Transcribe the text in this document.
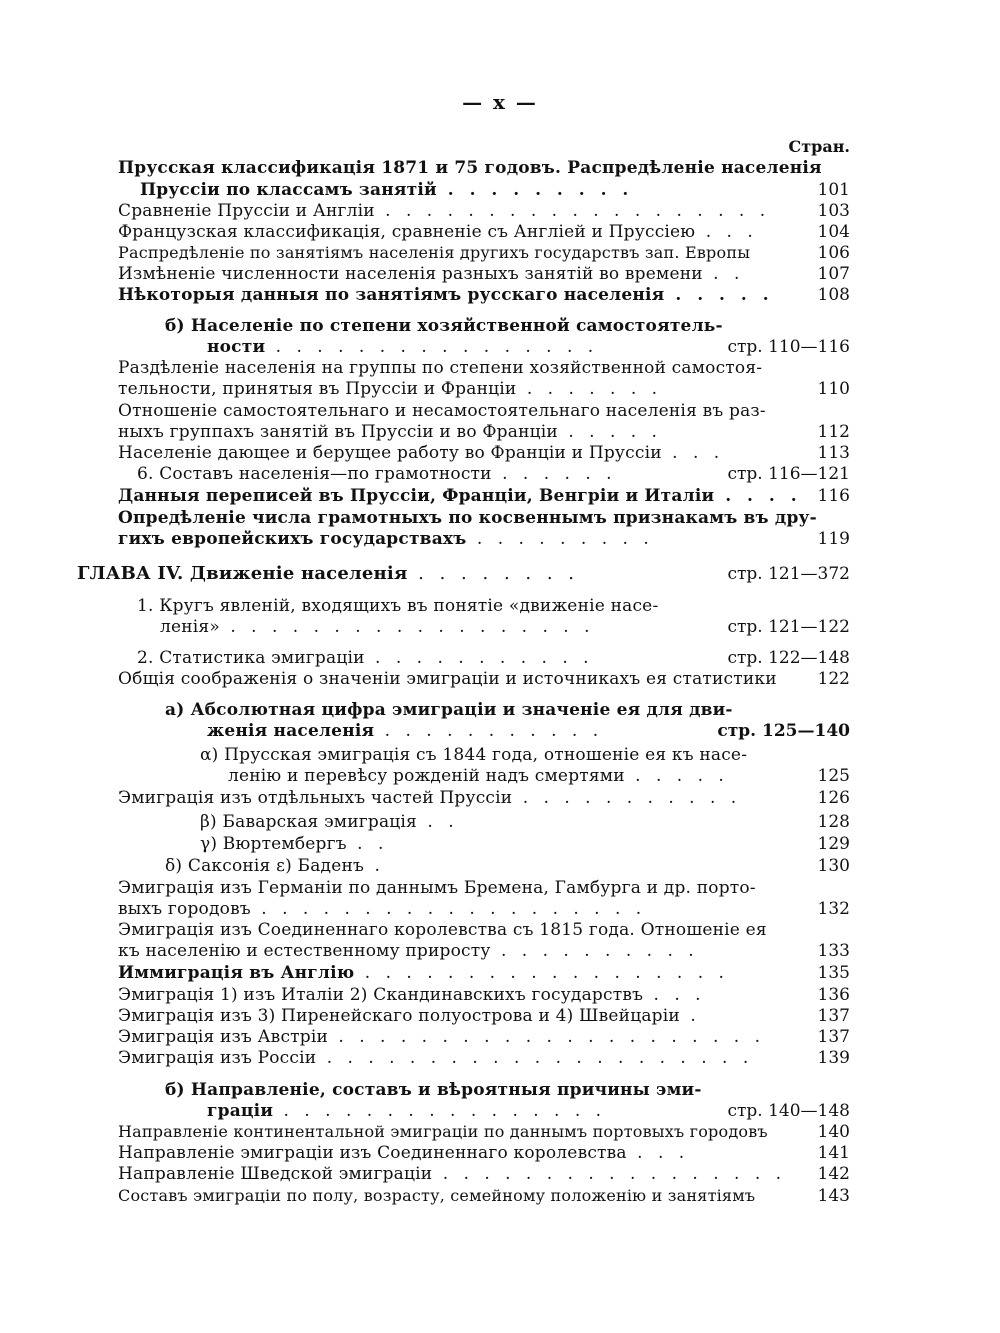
— x —
Стран.
Прусская классификація 1871 и 75 годовъ. Распредѣленіе населенія
Пруссіи по классамъ занятій . . . . . . . . .	101
Сравненіе Пруссіи и Англіи . . . . . . . . . . . . . . . . . . .	103
Французская классификація, сравненіе съ Англіей и Пруссіею . . .	104
Распредѣленіе по занятіямъ населенія другихъ государствъ зап. Европы	106
Измѣненіе численности населенія разныхъ занятій во времени . .	107
Нѣкоторыя данныя по занятіямъ русскаго населенія . . . . .	108
б) Населеніе по степени хозяйственной самостоятель-
ности . . . . . . . . . . . . . . . .	стр. 110—116
Раздѣленіе населенія на группы по степени хозяйственной самостоя-
тельности, принятыя въ Пруссіи и Франціи . . . . . . .	110
Отношеніе самостоятельнаго и несамостоятельнаго населенія въ раз-
ныхъ группахъ занятій въ Пруссіи и во Франціи . . . . .	112
Населеніе дающее и берущее работу во Франціи и Пруссіи . . .	113
6. Составъ населенія—по грамотности . . . . . .	стр. 116—121
Данныя переписей въ Пруссіи, Франціи, Венгріи и Италіи . . . . 116
Опредѣленіе числа грамотныхъ по косвеннымъ признакамъ въ дру-
гихъ европейскихъ государствахъ . . . . . . . . .	119
ГЛАВА IV. Движеніе населенія . . . . . . . .	стр. 121—372
1. Кругъ явленій, входящихъ въ понятіе «движеніе насе-
ленія» . . . . . . . . . . . . . . . . . .	стр. 121—122
2. Статистика эмиграціи . . . . . . . . . . .	стр. 122—148
Общія соображенія о значеніи эмиграціи и источникахъ ея статистики 122
а) Абсолютная цифра эмиграціи и значеніе ея для дви-
женія населенія . . . . . . . . . . .	стр. 125—140
α) Прусская эмиграція съ 1844 года, отношеніе ея къ насе-
ленію и перевѣсу рожденій надъ смертями . . . . .	125
Эмиграція изъ отдѣльныхъ частей Пруссіи . . . . . . . . . . .	126
β) Баварская эмиграція . .	128
γ) Вюртембергъ . .	129
δ) Саксонія ε) Баденъ .	130
Эмиграція изъ Германіи по даннымъ Бремена, Гамбурга и др. порто-
выхъ городовъ . . . . . . . . . . . . . . . . . . .	132
Эмиграція изъ Соединеннаго королевства съ 1815 года. Отношеніе ея
къ населенію и естественному приросту . . . . . . . . . .	133
Иммиграція въ Англію . . . . . . . . . . . . . . . . . .	135
Эмиграція 1) изъ Италіи 2) Скандинавскихъ государствъ . . .	136
Эмиграція изъ 3) Пиренейскаго полуострова и 4) Швейцаріи .	137
Эмиграція изъ Австріи . . . . . . . . . . . . . . . . . . . . .	137
Эмиграція изъ Россіи . . . . . . . . . . . . . . . . . . . . .	139
б) Направленіе, составъ и вѣроятныя причины эми-
граціи . . . . . . . . . . . . . . . .	стр. 140—148
Направленіе континентальной эмиграціи по даннымъ портовыхъ городовъ	140
Направленіе эмиграціи изъ Соединеннаго королевства . . .	141
Направленіе Шведской эмиграціи . . . . . . . . . . . . . . . . . 142
Составъ эмиграціи по полу, возрасту, семейному положенію и занятіямъ	143
